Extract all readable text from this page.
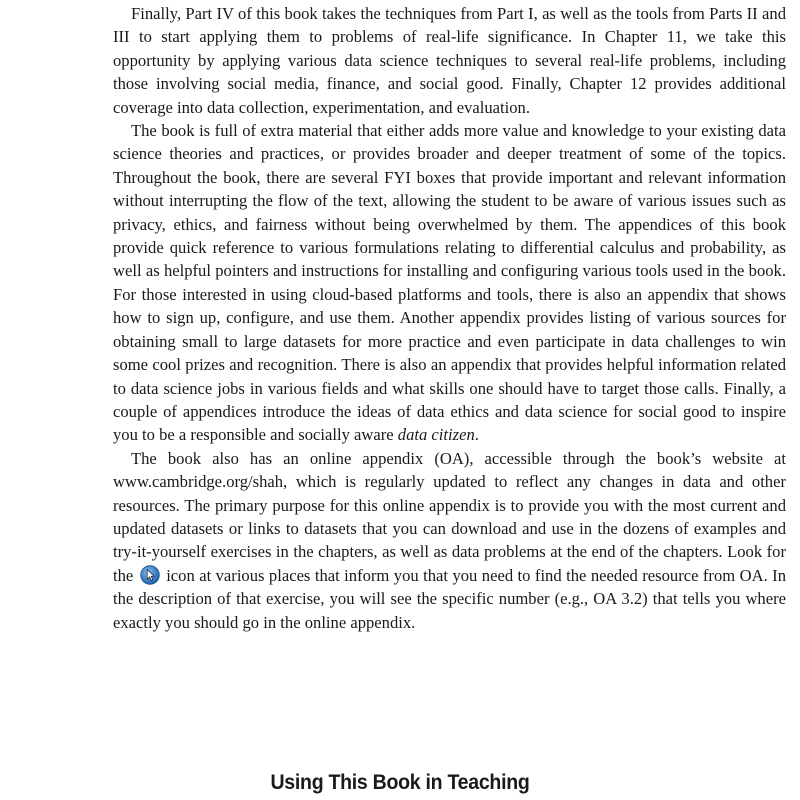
Finally, Part IV of this book takes the techniques from Part I, as well as the tools from Parts II and III to start applying them to problems of real-life significance. In Chapter 11, we take this opportunity by applying various data science techniques to several real-life problems, including those involving social media, finance, and social good. Finally, Chapter 12 provides additional coverage into data collection, experimentation, and evaluation.

The book is full of extra material that either adds more value and knowledge to your existing data science theories and practices, or provides broader and deeper treatment of some of the topics. Throughout the book, there are several FYI boxes that provide important and relevant information without interrupting the flow of the text, allowing the student to be aware of various issues such as privacy, ethics, and fairness without being overwhelmed by them. The appendices of this book provide quick reference to various formulations relating to differential calculus and probability, as well as helpful pointers and instructions for installing and configuring various tools used in the book. For those interested in using cloud-based platforms and tools, there is also an appendix that shows how to sign up, configure, and use them. Another appendix provides listing of various sources for obtaining small to large datasets for more practice and even participate in data challenges to win some cool prizes and recognition. There is also an appendix that provides helpful information related to data science jobs in various fields and what skills one should have to target those calls. Finally, a couple of appendices introduce the ideas of data ethics and data science for social good to inspire you to be a responsible and socially aware data citizen.

The book also has an online appendix (OA), accessible through the book’s website at www.cambridge.org/shah, which is regularly updated to reflect any changes in data and other resources. The primary purpose for this online appendix is to provide you with the most current and updated datasets or links to datasets that you can download and use in the dozens of examples and try-it-yourself exercises in the chapters, as well as data problems at the end of the chapters. Look for the icon at various places that inform you that you need to find the needed resource from OA. In the description of that exercise, you will see the specific number (e.g., OA 3.2) that tells you where exactly you should go in the online appendix.

Using This Book in Teaching
